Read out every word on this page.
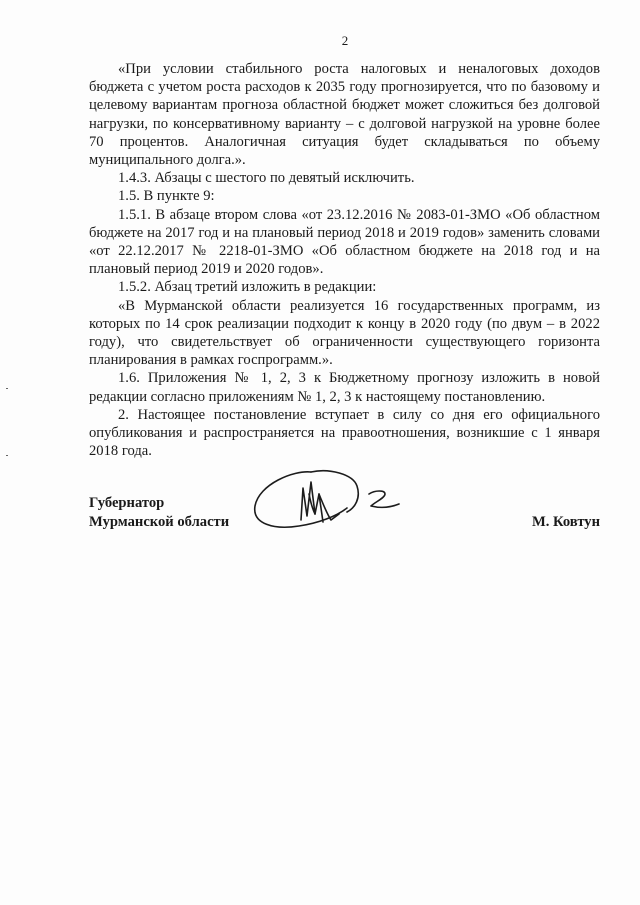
2

«При условии стабильного роста налоговых и неналоговых доходов бюджета с учетом роста расходов к 2035 году прогнозируется, что по базовому и целевому вариантам прогноза областной бюджет может сложиться без долговой нагрузки, по консервативному варианту – с долговой нагрузкой на уровне более 70 процентов. Аналогичная ситуация будет складываться по объему муниципального долга.».

1.4.3. Абзацы с шестого по девятый исключить.

1.5. В пункте 9:

1.5.1. В абзаце втором слова «от 23.12.2016 № 2083-01-ЗМО «Об областном бюджете на 2017 год и на плановый период 2018 и 2019 годов» заменить словами «от 22.12.2017 № 2218-01-ЗМО «Об областном бюджете на 2018 год и на плановый период 2019 и 2020 годов».

1.5.2. Абзац третий изложить в редакции:

«В Мурманской области реализуется 16 государственных программ, из которых по 14 срок реализации подходит к концу в 2020 году (по двум – в 2022 году), что свидетельствует об ограниченности существующего горизонта планирования в рамках госпрограмм.».

1.6. Приложения № 1, 2, 3 к Бюджетному прогнозу изложить в новой редакции согласно приложениям № 1, 2, 3 к настоящему постановлению.

2. Настоящее постановление вступает в силу со дня его официального опубликования и распространяется на правоотношения, возникшие с 1 января 2018 года.

Губернатор
Мурманской области	М. Ковтун
